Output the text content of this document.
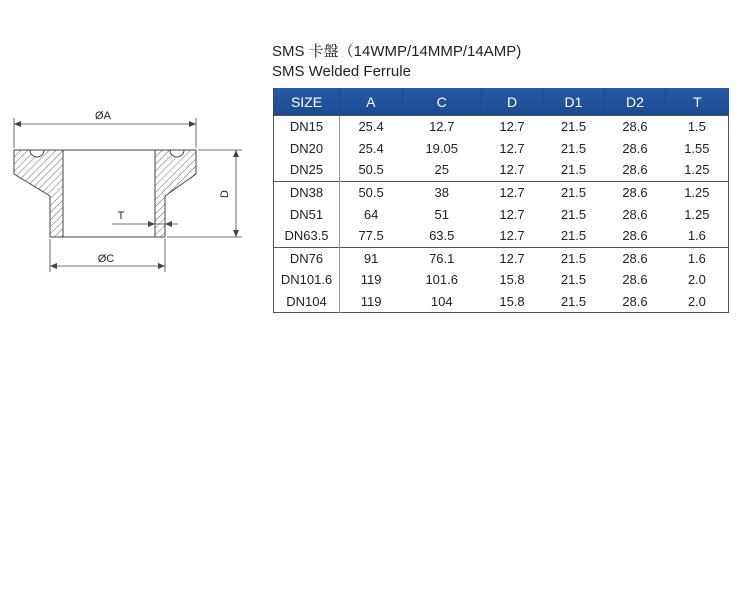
SMS 卡盤（14WMP/14MMP/14AMP)
SMS Welded Ferrule
ØA
ØC
T
D
SIZE	A	C	D	D1	D2	T
DN15	25.4	12.7	12.7	21.5	28.6	1.5
DN20	25.4	19.05	12.7	21.5	28.6	1.55
DN25	50.5	25	12.7	21.5	28.6	1.25
DN38	50.5	38	12.7	21.5	28.6	1.25
DN51	64	51	12.7	21.5	28.6	1.25
DN63.5	77.5	63.5	12.7	21.5	28.6	1.6
DN76	91	76.1	12.7	21.5	28.6	1.6
DN101.6	119	101.6	15.8	21.5	28.6	2.0
DN104	119	104	15.8	21.5	28.6	2.0
